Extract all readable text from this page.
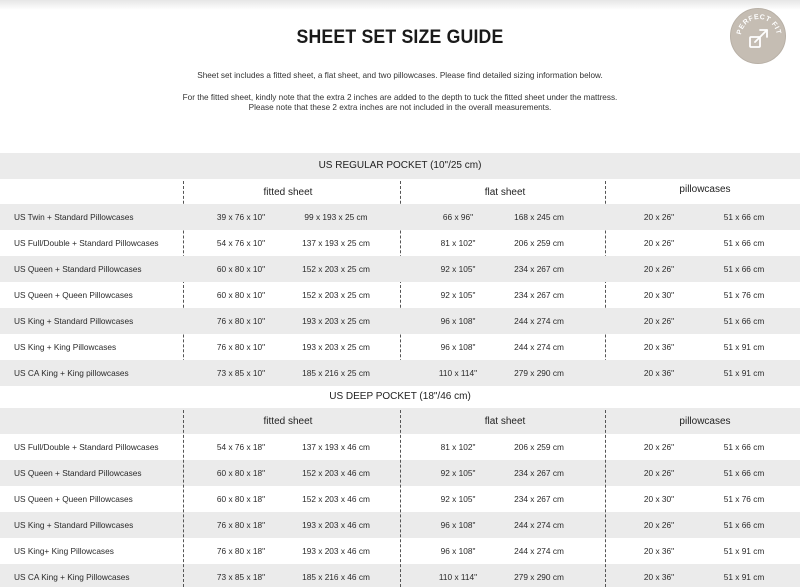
SHEET SET SIZE GUIDE	PERFECT FIT
Sheet set includes a fitted sheet, a flat sheet, and two pillowcases. Please find detailed sizing information below.
For the fitted sheet, kindly note that the extra 2 inches are added to the depth to tuck the fitted sheet under the mattress.
Please note that these 2 extra inches are not included in the overall measurements.
US REGULAR POCKET (10"/25 cm)
fitted sheet	flat sheet	pillowcases
US Twin + Standard Pillowcases	39 x 76 x 10"	99 x 193 x 25 cm	66 x 96"	168 x 245 cm	20 x 26"	51 x 66 cm
US Full/Double + Standard Pillowcases	54 x 76 x 10"	137 x 193 x 25 cm	81 x 102"	206 x 259 cm	20 x 26"	51 x 66 cm
US Queen + Standard Pillowcases	60 x 80 x 10"	152 x 203 x 25 cm	92 x 105"	234 x 267 cm	20 x 26"	51 x 66 cm
US Queen + Queen Pillowcases	60 x 80 x 10"	152 x 203 x 25 cm	92 x 105"	234 x 267 cm	20 x 30"	51 x 76 cm
US King + Standard Pillowcases	76 x 80 x 10"	193 x 203 x 25 cm	96 x 108"	244 x 274 cm	20 x 26"	51 x 66 cm
US King + King Pillowcases	76 x 80 x 10"	193 x 203 x 25 cm	96 x 108"	244 x 274 cm	20 x 36"	51 x 91 cm
US CA King + King pillowcases	73 x 85 x 10"	185 x 216 x 25 cm	110 x 114"	279 x 290 cm	20 x 36"	51 x 91 cm
US DEEP POCKET (18"/46 cm)
fitted sheet	flat sheet	pillowcases
US Full/Double + Standard Pillowcases	54 x 76 x 18"	137 x 193 x 46 cm	81 x 102"	206 x 259 cm	20 x 26"	51 x 66 cm
US Queen + Standard Pillowcases	60 x 80 x 18"	152 x 203 x 46 cm	92 x 105"	234 x 267 cm	20 x 26"	51 x 66 cm
US Queen + Queen Pillowcases	60 x 80 x 18"	152 x 203 x 46 cm	92 x 105"	234 x 267 cm	20 x 30"	51 x 76 cm
US King + Standard Pillowcases	76 x 80 x 18"	193 x 203 x 46 cm	96 x 108"	244 x 274 cm	20 x 26"	51 x 66 cm
US King+ King Pillowcases	76 x 80 x 18"	193 x 203 x 46 cm	96 x 108"	244 x 274 cm	20 x 36"	51 x 91 cm
US CA King + King Pillowcases	73 x 85 x 18"	185 x 216 x 46 cm	110 x 114"	279 x 290 cm	20 x 36"	51 x 91 cm
